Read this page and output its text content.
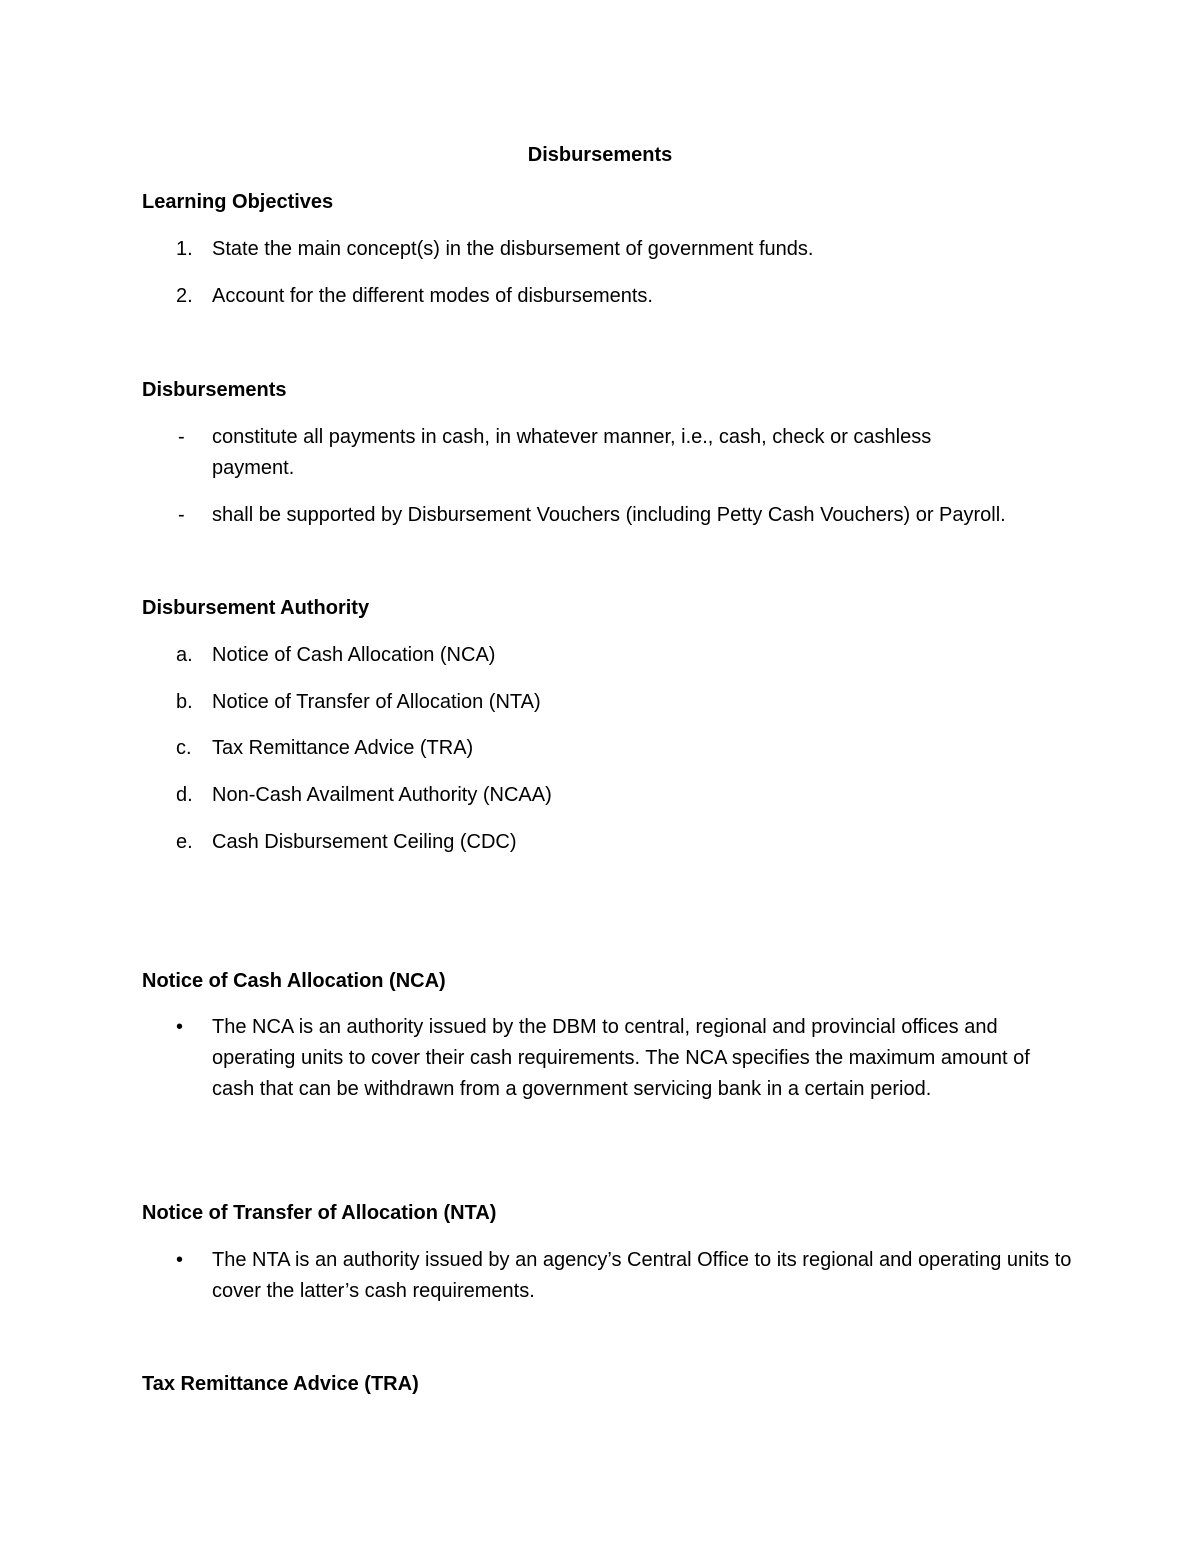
Disbursements
Learning Objectives
1. State the main concept(s) in the disbursement of government funds.
2. Account for the different modes of disbursements.
Disbursements
- constitute all payments in cash, in whatever manner, i.e., cash, check or cashless payment.
- shall be supported by Disbursement Vouchers (including Petty Cash Vouchers) or Payroll.
Disbursement Authority
a. Notice of Cash Allocation (NCA)
b. Notice of Transfer of Allocation (NTA)
c. Tax Remittance Advice (TRA)
d. Non-Cash Availment Authority (NCAA)
e. Cash Disbursement Ceiling (CDC)
Notice of Cash Allocation (NCA)
• The NCA is an authority issued by the DBM to central, regional and provincial offices and operating units to cover their cash requirements. The NCA specifies the maximum amount of cash that can be withdrawn from a government servicing bank in a certain period.
Notice of Transfer of Allocation (NTA)
• The NTA is an authority issued by an agency’s Central Office to its regional and operating units to cover the latter’s cash requirements.
Tax Remittance Advice (TRA)
